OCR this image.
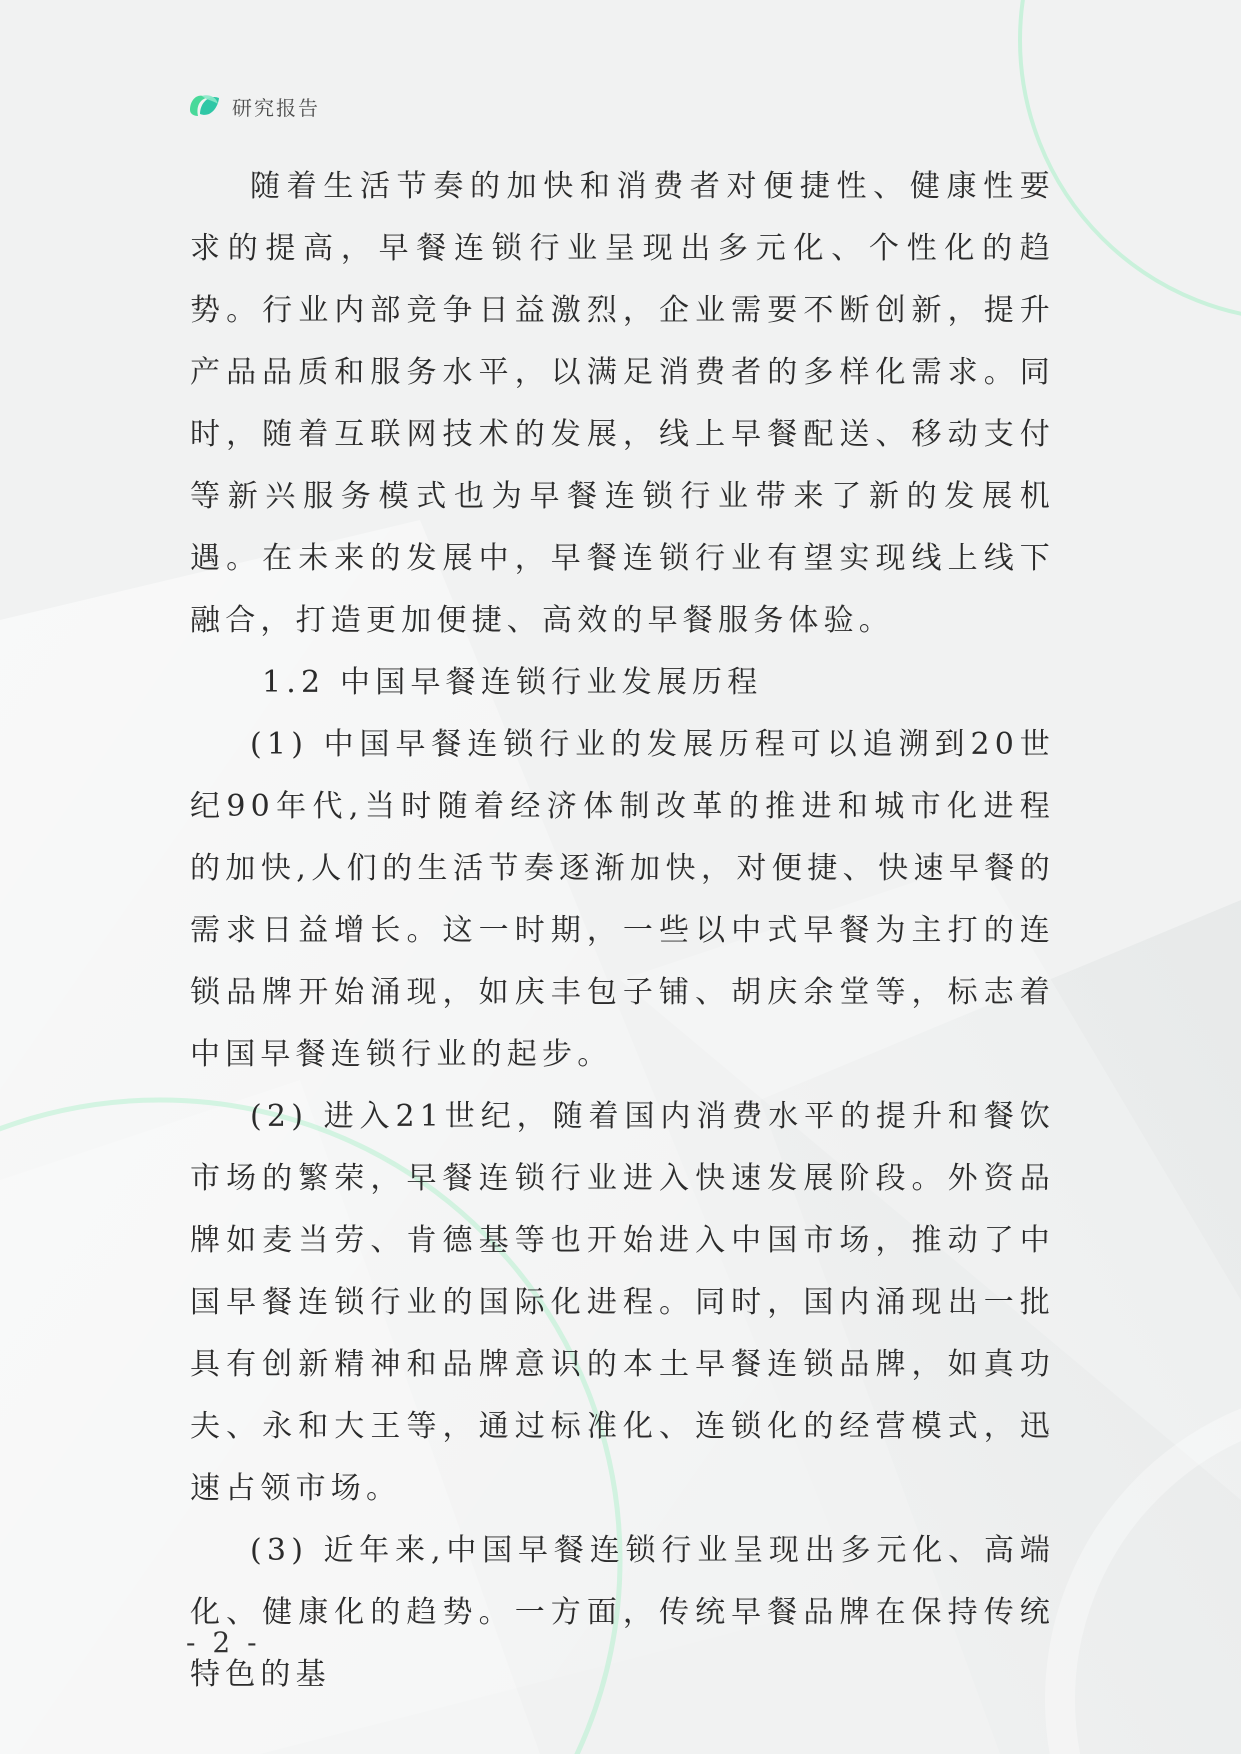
研究报告

随着生活节奏的加快和消费者对便捷性、健康性要求的提高，早餐连锁行业呈现出多元化、个性化的趋势。行业内部竞争日益激烈，企业需要不断创新，提升产品品质和服务水平，以满足消费者的多样化需求。同时，随着互联网技术的发展，线上早餐配送、移动支付等新兴服务模式也为早餐连锁行业带来了新的发展机遇。在未来的发展中，早餐连锁行业有望实现线上线下融合，打造更加便捷、高效的早餐服务体验。

1.2 中国早餐连锁行业发展历程

(1) 中国早餐连锁行业的发展历程可以追溯到20世纪90年代,当时随着经济体制改革的推进和城市化进程的加快,人们的生活节奏逐渐加快，对便捷、快速早餐的需求日益增长。这一时期，一些以中式早餐为主打的连锁品牌开始涌现，如庆丰包子铺、胡庆余堂等，标志着中国早餐连锁行业的起步。

(2) 进入21世纪，随着国内消费水平的提升和餐饮市场的繁荣，早餐连锁行业进入快速发展阶段。外资品牌如麦当劳、肯德基等也开始进入中国市场，推动了中国早餐连锁行业的国际化进程。同时，国内涌现出一批具有创新精神和品牌意识的本土早餐连锁品牌，如真功夫、永和大王等，通过标准化、连锁化的经营模式，迅速占领市场。

(3) 近年来,中国早餐连锁行业呈现出多元化、高端化、健康化的趋势。一方面，传统早餐品牌在保持传统特色的基

- 2 -
